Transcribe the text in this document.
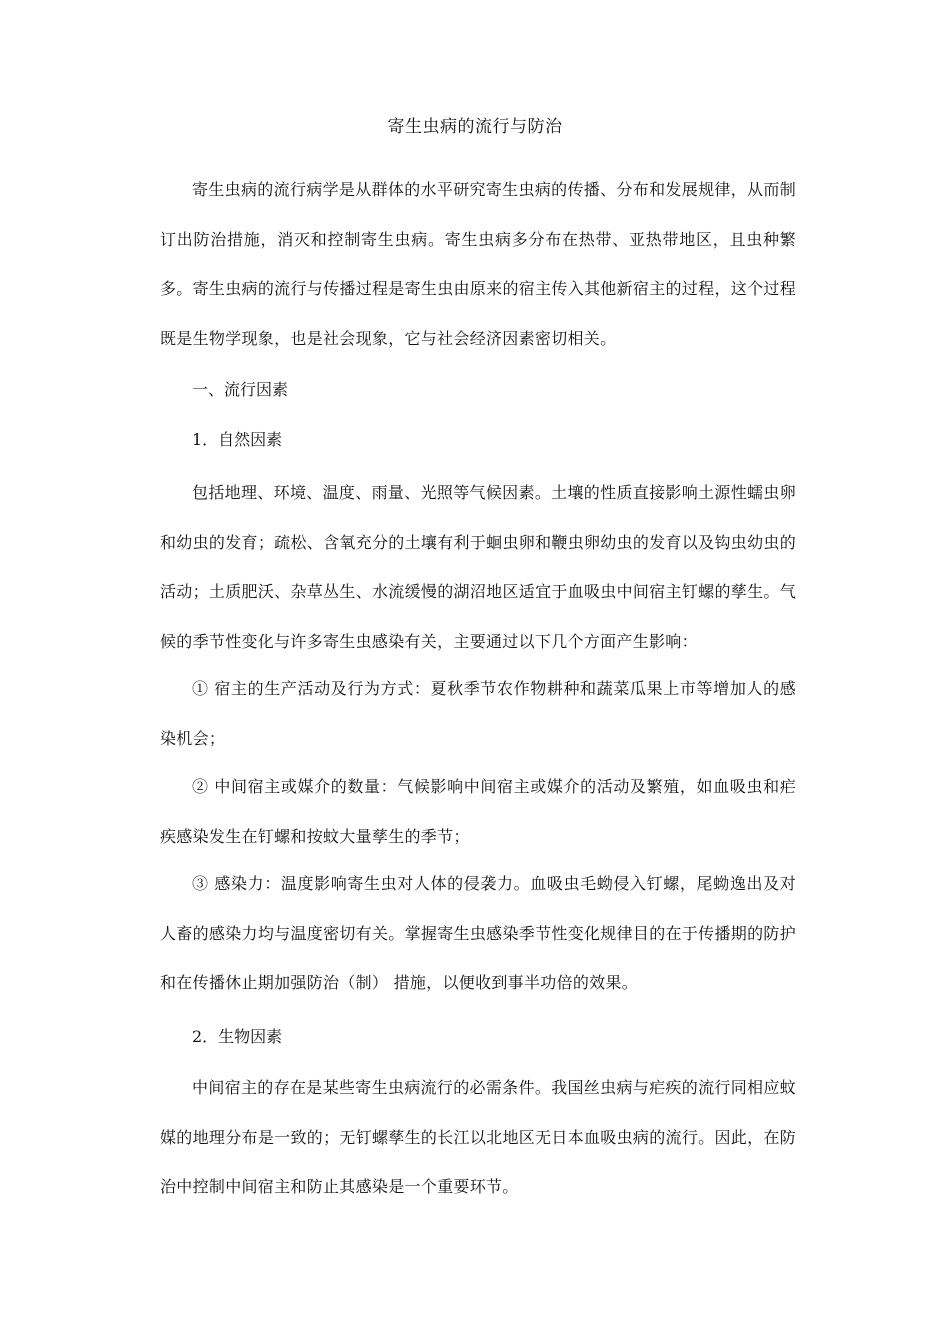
寄生虫病的流行与防治

寄生虫病的流行病学是从群体的水平研究寄生虫病的传播、分布和发展规律，从而制订出防治措施，消灭和控制寄生虫病。寄生虫病多分布在热带、亚热带地区，且虫种繁多。寄生虫病的流行与传播过程是寄生虫由原来的宿主传入其他新宿主的过程，这个过程既是生物学现象，也是社会现象，它与社会经济因素密切相关。

一、流行因素

1．自然因素

包括地理、环境、温度、雨量、光照等气候因素。土壤的性质直接影响土源性蠕虫卵和幼虫的发育；疏松、含氧充分的土壤有利于蛔虫卵和鞭虫卵幼虫的发育以及钩虫幼虫的活动；土质肥沃、杂草丛生、水流缓慢的湖沼地区适宜于血吸虫中间宿主钉螺的孳生。气候的季节性变化与许多寄生虫感染有关，主要通过以下几个方面产生影响：

① 宿主的生产活动及行为方式：夏秋季节农作物耕种和蔬菜瓜果上市等增加人的感染机会；

② 中间宿主或媒介的数量：气候影响中间宿主或媒介的活动及繁殖，如血吸虫和疟疾感染发生在钉螺和按蚊大量孳生的季节；

③ 感染力：温度影响寄生虫对人体的侵袭力。血吸虫毛蚴侵入钉螺，尾蚴逸出及对人畜的感染力均与温度密切有关。掌握寄生虫感染季节性变化规律目的在于传播期的防护和在传播休止期加强防治（制） 措施，以便收到事半功倍的效果。

2．生物因素

中间宿主的存在是某些寄生虫病流行的必需条件。我国丝虫病与疟疾的流行同相应蚊媒的地理分布是一致的；无钉螺孳生的长江以北地区无日本血吸虫病的流行。因此，在防治中控制中间宿主和防止其感染是一个重要环节。
